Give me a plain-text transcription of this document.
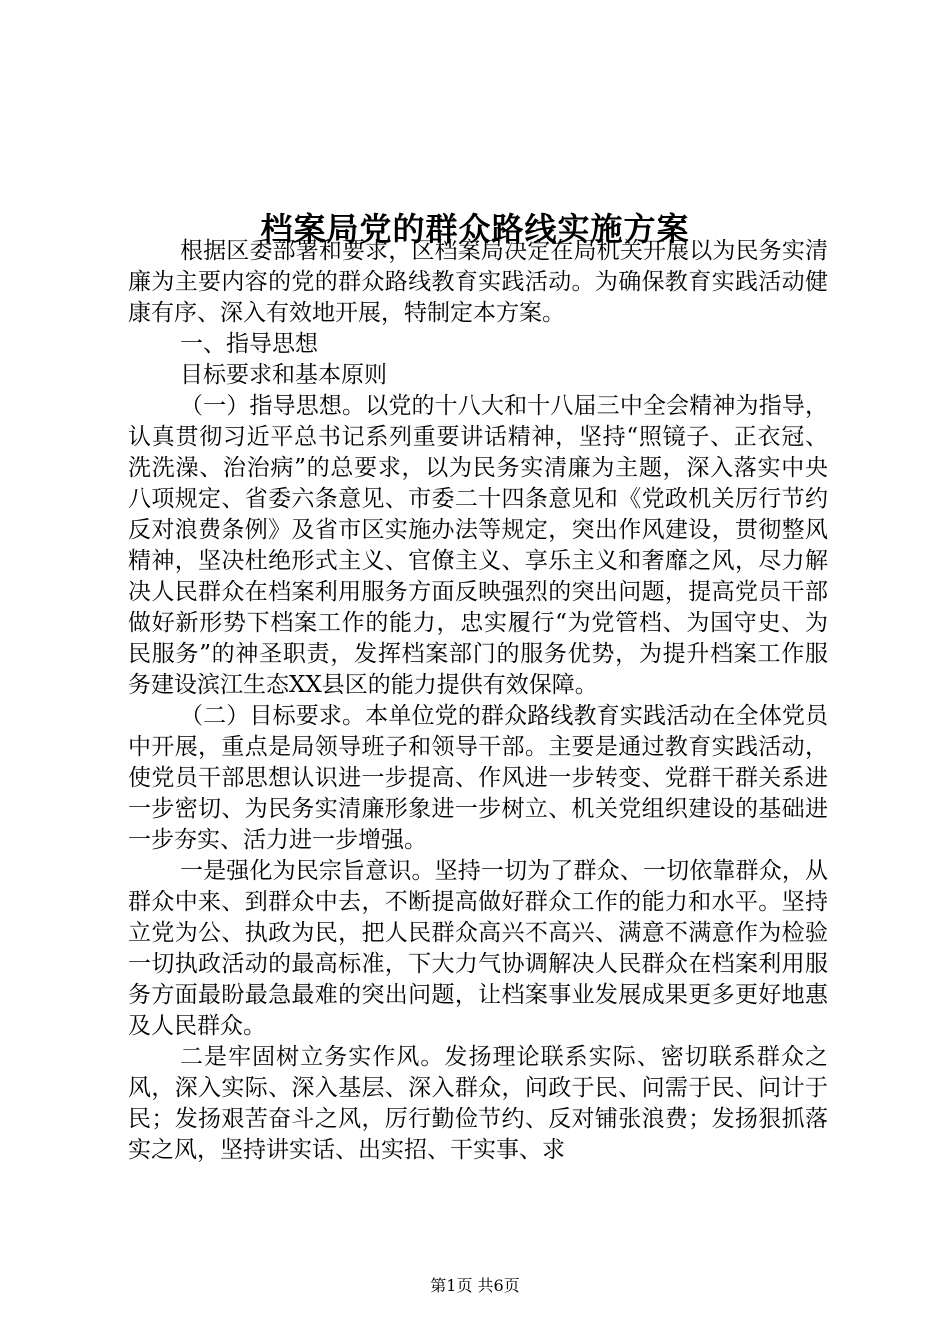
档案局党的群众路线实施方案

根据区委部署和要求，区档案局决定在局机关开展以为民务实清廉为主要内容的党的群众路线教育实践活动。为确保教育实践活动健康有序、深入有效地开展，特制定本方案。

一、指导思想

目标要求和基本原则

（一）指导思想。以党的十八大和十八届三中全会精神为指导，认真贯彻习近平总书记系列重要讲话精神，坚持“照镜子、正衣冠、洗洗澡、治治病”的总要求，以为民务实清廉为主题，深入落实中央八项规定、省委六条意见、市委二十四条意见和《党政机关厉行节约反对浪费条例》及省市区实施办法等规定，突出作风建设，贯彻整风精神，坚决杜绝形式主义、官僚主义、享乐主义和奢靡之风，尽力解决人民群众在档案利用服务方面反映强烈的突出问题，提高党员干部做好新形势下档案工作的能力，忠实履行“为党管档、为国守史、为民服务”的神圣职责，发挥档案部门的服务优势，为提升档案工作服务建设滨江生态XX县区的能力提供有效保障。

（二）目标要求。本单位党的群众路线教育实践活动在全体党员中开展，重点是局领导班子和领导干部。主要是通过教育实践活动，使党员干部思想认识进一步提高、作风进一步转变、党群干群关系进一步密切、为民务实清廉形象进一步树立、机关党组织建设的基础进一步夯实、活力进一步增强。

一是强化为民宗旨意识。坚持一切为了群众、一切依靠群众，从群众中来、到群众中去，不断提高做好群众工作的能力和水平。坚持立党为公、执政为民，把人民群众高兴不高兴、满意不满意作为检验一切执政活动的最高标准，下大力气协调解决人民群众在档案利用服务方面最盼最急最难的突出问题，让档案事业发展成果更多更好地惠及人民群众。

二是牢固树立务实作风。发扬理论联系实际、密切联系群众之风，深入实际、深入基层、深入群众，问政于民、问需于民、问计于民；发扬艰苦奋斗之风，厉行勤俭节约、反对铺张浪费；发扬狠抓落实之风，坚持讲实话、出实招、干实事、求

第1页 共6页
